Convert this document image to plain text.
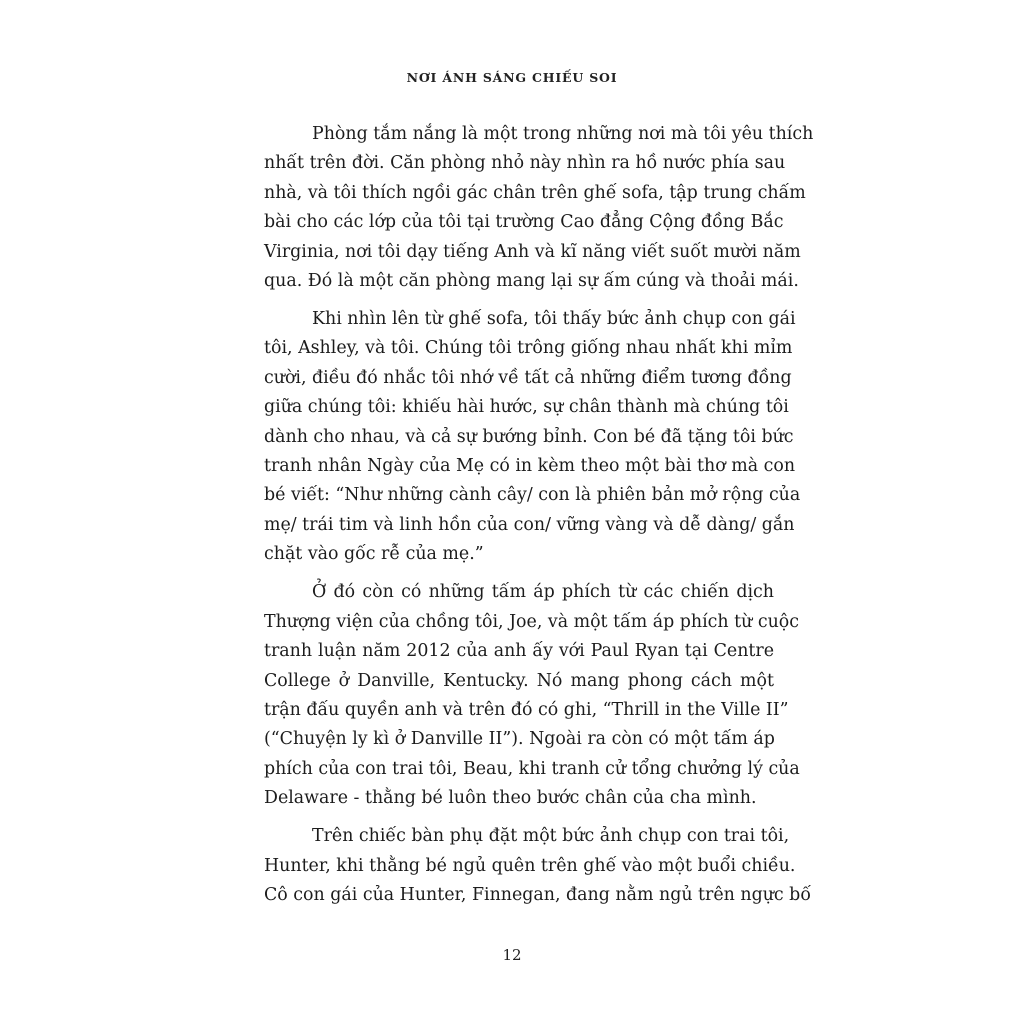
NƠI ÁNH SÁNG CHIẾU SOI

Phòng tắm nắng là một trong những nơi mà tôi yêu thích
nhất trên đời. Căn phòng nhỏ này nhìn ra hồ nước phía sau
nhà, và tôi thích ngồi gác chân trên ghế sofa, tập trung chấm
bài cho các lớp của tôi tại trường Cao đẳng Cộng đồng Bắc
Virginia, nơi tôi dạy tiếng Anh và kĩ năng viết suốt mười năm
qua. Đó là một căn phòng mang lại sự ấm cúng và thoải mái.

Khi nhìn lên từ ghế sofa, tôi thấy bức ảnh chụp con gái
tôi, Ashley, và tôi. Chúng tôi trông giống nhau nhất khi mỉm
cười, điều đó nhắc tôi nhớ về tất cả những điểm tương đồng
giữa chúng tôi: khiếu hài hước, sự chân thành mà chúng tôi
dành cho nhau, và cả sự bướng bỉnh. Con bé đã tặng tôi bức
tranh nhân Ngày của Mẹ có in kèm theo một bài thơ mà con
bé viết: “Như những cành cây/ con là phiên bản mở rộng của
mẹ/ trái tim và linh hồn của con/ vững vàng và dễ dàng/ gắn
chặt vào gốc rễ của mẹ.”

Ở đó còn có những tấm áp phích từ các chiến dịch
Thượng viện của chồng tôi, Joe, và một tấm áp phích từ cuộc
tranh luận năm 2012 của anh ấy với Paul Ryan tại Centre
College ở Danville, Kentucky. Nó mang phong cách một
trận đấu quyền anh và trên đó có ghi, “Thrill in the Ville II”
(“Chuyện ly kì ở Danville II”). Ngoài ra còn có một tấm áp
phích của con trai tôi, Beau, khi tranh cử tổng chưởng lý của
Delaware - thằng bé luôn theo bước chân của cha mình.

Trên chiếc bàn phụ đặt một bức ảnh chụp con trai tôi,
Hunter, khi thằng bé ngủ quên trên ghế vào một buổi chiều.
Cô con gái của Hunter, Finnegan, đang nằm ngủ trên ngực bố

12
